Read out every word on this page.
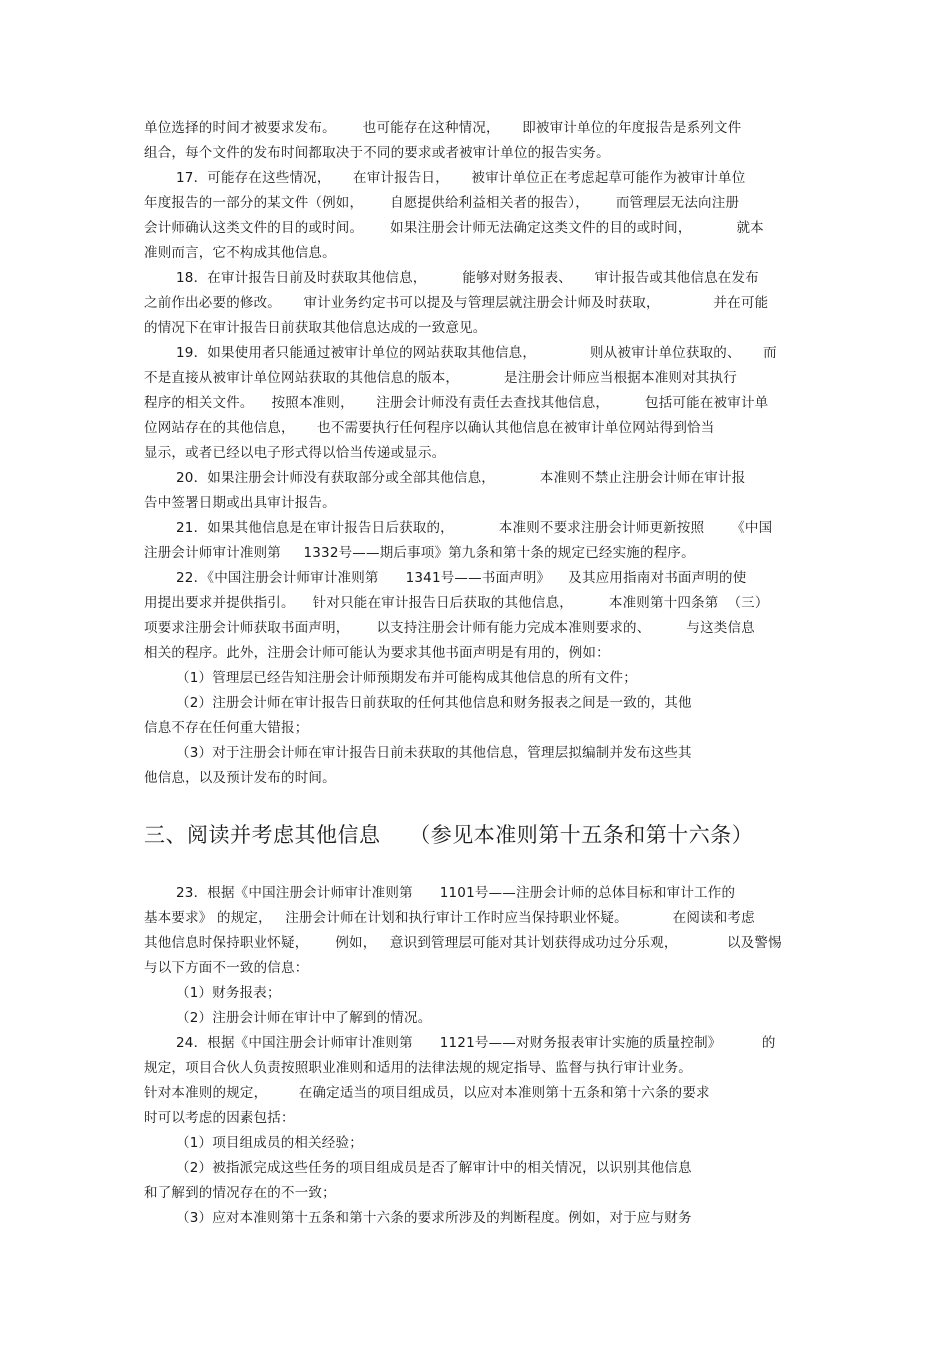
单位选择的时间才被要求发布。      也可能存在这种情况，     即被审计单位的年度报告是系列文件
组合，每个文件的发布时间都取决于不同的要求或者被审计单位的报告实务。
17．可能存在这些情况，     在审计报告日，     被审计单位正在考虑起草可能作为被审计单位
年度报告的一部分的某文件（例如，      自愿提供给利益相关者的报告），      而管理层无法向注册
会计师确认这类文件的目的或时间。      如果注册会计师无法确定这类文件的目的或时间，          就本
准则而言，它不构成其他信息。
18．在审计报告日前及时获取其他信息，        能够对财务报表、     审计报告或其他信息在发布
之前作出必要的修改。     审计业务约定书可以提及与管理层就注册会计师及时获取，            并在可能
的情况下在审计报告日前获取其他信息达成的一致意见。
19．如果使用者只能通过被审计单位的网站获取其他信息，            则从被审计单位获取的、     而
不是直接从被审计单位网站获取的其他信息的版本，          是注册会计师应当根据本准则对其执行
程序的相关文件。    按照本准则，     注册会计师没有责任去查找其他信息，        包括可能在被审计单
位网站存在的其他信息，     也不需要执行任何程序以确认其他信息在被审计单位网站得到恰当
显示，或者已经以电子形式得以恰当传递或显示。
20．如果注册会计师没有获取部分或全部其他信息，          本准则不禁止注册会计师在审计报
告中签署日期或出具审计报告。
21．如果其他信息是在审计报告日后获取的，          本准则不要求注册会计师更新按照      《中国
注册会计师审计准则第     1332号——期后事项》第九条和第十条的规定已经实施的程序。
22．《中国注册会计师审计准则第      1341号——书面声明》    及其应用指南对书面声明的使
用提出要求并提供指引。    针对只能在审计报告日后获取的其他信息，        本准则第十四条第  （三）
项要求注册会计师获取书面声明，      以支持注册会计师有能力完成本准则要求的、        与这类信息
相关的程序。此外，注册会计师可能认为要求其他书面声明是有用的，例如：
（1）管理层已经告知注册会计师预期发布并可能构成其他信息的所有文件；
（2）注册会计师在审计报告日前获取的任何其他信息和财务报表之间是一致的，其他
信息不存在任何重大错报；
（3）对于注册会计师在审计报告日前未获取的其他信息，管理层拟编制并发布这些其
他信息，以及预计发布的时间。
三、阅读并考虑其他信息    （参见本准则第十五条和第十六条）
23．根据《中国注册会计师审计准则第      1101号——注册会计师的总体目标和审计工作的
基本要求》 的规定，   注册会计师在计划和执行审计工作时应当保持职业怀疑。          在阅读和考虑
其他信息时保持职业怀疑，      例如，   意识到管理层可能对其计划获得成功过分乐观，           以及警惕
与以下方面不一致的信息：
（1）财务报表；
（2）注册会计师在审计中了解到的情况。
24．根据《中国注册会计师审计准则第      1121号——对财务报表审计实施的质量控制》         的
规定，项目合伙人负责按照职业准则和适用的法律法规的规定指导、监督与执行审计业务。
针对本准则的规定，       在确定适当的项目组成员，以应对本准则第十五条和第十六条的要求
时可以考虑的因素包括：
（1）项目组成员的相关经验；
（2）被指派完成这些任务的项目组成员是否了解审计中的相关情况，以识别其他信息
和了解到的情况存在的不一致；
（3）应对本准则第十五条和第十六条的要求所涉及的判断程度。例如，对于应与财务
